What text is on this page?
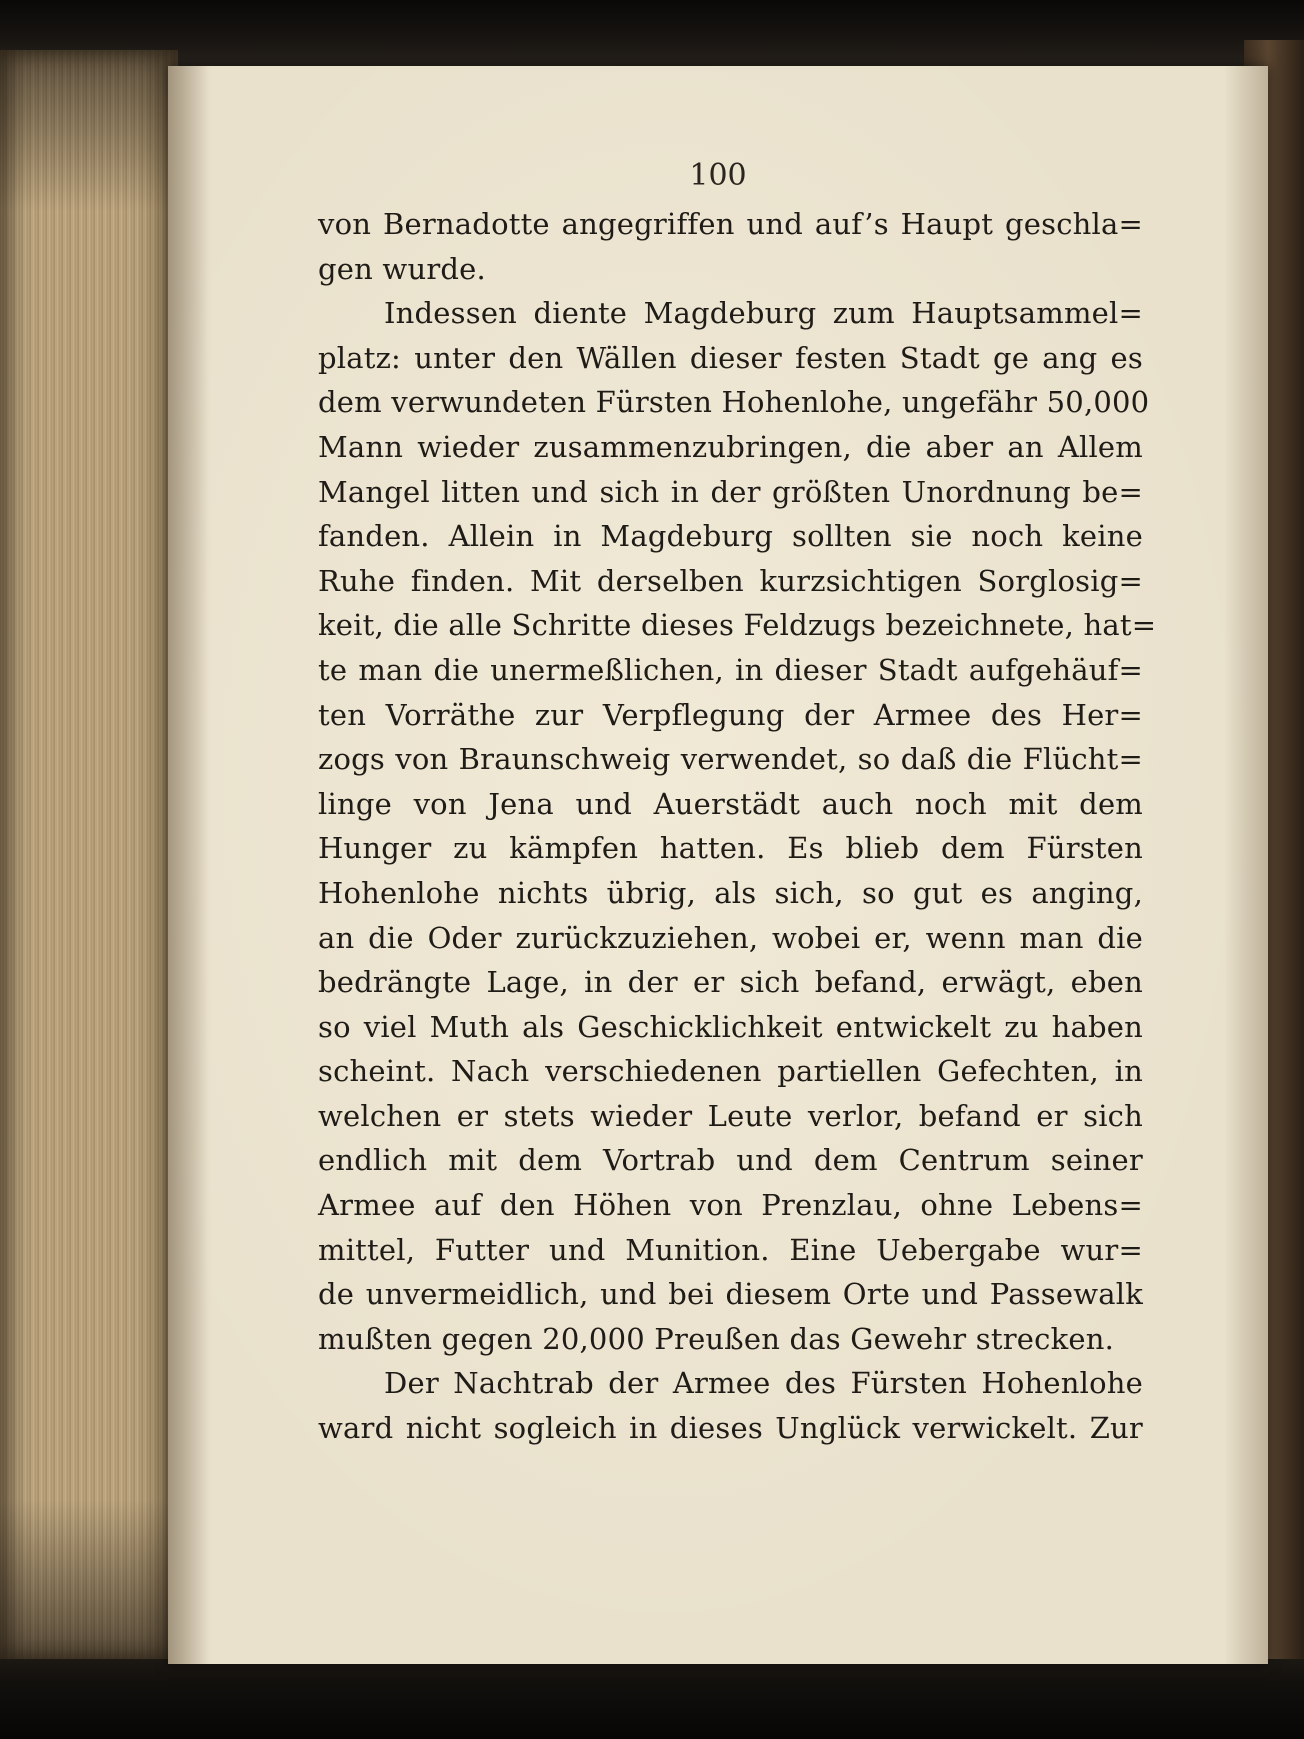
100
von Bernadotte angegriffen und auf’s Haupt geschla=
gen wurde.
Indessen diente Magdeburg zum Hauptsammel=
platz: unter den Wällen dieser festen Stadt ge ang es
dem verwundeten Fürsten Hohenlohe, ungefähr 50,000
Mann wieder zusammenzubringen, die aber an Allem
Mangel litten und sich in der größten Unordnung be=
fanden. Allein in Magdeburg sollten sie noch keine
Ruhe finden. Mit derselben kurzsichtigen Sorglosig=
keit, die alle Schritte dieses Feldzugs bezeichnete, hat=
te man die unermeßlichen, in dieser Stadt aufgehäuf=
ten Vorräthe zur Verpflegung der Armee des Her=
zogs von Braunschweig verwendet, so daß die Flücht=
linge von Jena und Auerstädt auch noch mit dem
Hunger zu kämpfen hatten. Es blieb dem Fürsten
Hohenlohe nichts übrig, als sich, so gut es anging,
an die Oder zurückzuziehen, wobei er, wenn man die
bedrängte Lage, in der er sich befand, erwägt, eben
so viel Muth als Geschicklichkeit entwickelt zu haben
scheint. Nach verschiedenen partiellen Gefechten, in
welchen er stets wieder Leute verlor, befand er sich
endlich mit dem Vortrab und dem Centrum seiner
Armee auf den Höhen von Prenzlau, ohne Lebens=
mittel, Futter und Munition. Eine Uebergabe wur=
de unvermeidlich, und bei diesem Orte und Passewalk
mußten gegen 20,000 Preußen das Gewehr strecken.
Der Nachtrab der Armee des Fürsten Hohenlohe
ward nicht sogleich in dieses Unglück verwickelt. Zur
